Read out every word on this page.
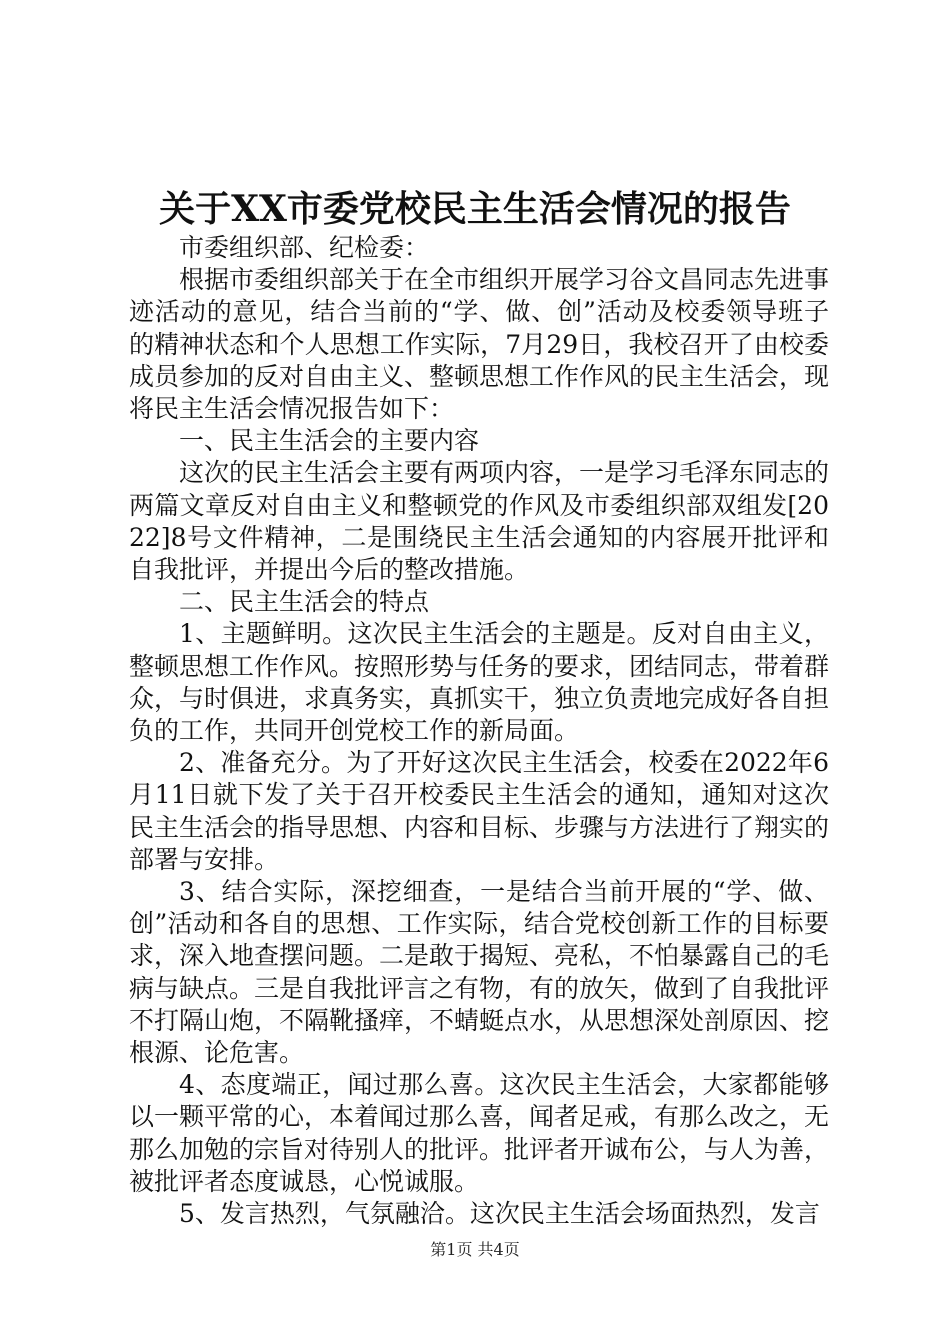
关于XX市委党校民主生活会情况的报告

市委组织部、纪检委：

根据市委组织部关于在全市组织开展学习谷文昌同志先进事迹活动的意见，结合当前的“学、做、创”活动及校委领导班子的精神状态和个人思想工作实际，7月29日，我校召开了由校委成员参加的反对自由主义、整顿思想工作作风的民主生活会，现将民主生活会情况报告如下：

一、民主生活会的主要内容

这次的民主生活会主要有两项内容，一是学习毛泽东同志的两篇文章反对自由主义和整顿党的作风及市委组织部双组发[2022]8号文件精神，二是围绕民主生活会通知的内容展开批评和自我批评，并提出今后的整改措施。

二、民主生活会的特点

1、主题鲜明。这次民主生活会的主题是。反对自由主义，整顿思想工作作风。按照形势与任务的要求，团结同志，带着群众，与时俱进，求真务实，真抓实干，独立负责地完成好各自担负的工作，共同开创党校工作的新局面。

2、准备充分。为了开好这次民主生活会，校委在2022年6月11日就下发了关于召开校委民主生活会的通知，通知对这次民主生活会的指导思想、内容和目标、步骤与方法进行了翔实的部署与安排。

3、结合实际，深挖细查，一是结合当前开展的“学、做、创”活动和各自的思想、工作实际，结合党校创新工作的目标要求，深入地查摆问题。二是敢于揭短、亮私，不怕暴露自己的毛病与缺点。三是自我批评言之有物，有的放矢，做到了自我批评不打隔山炮，不隔靴搔痒，不蜻蜓点水，从思想深处剖原因、挖根源、论危害。

4、态度端正，闻过那么喜。这次民主生活会，大家都能够以一颗平常的心，本着闻过那么喜，闻者足戒，有那么改之，无那么加勉的宗旨对待别人的批评。批评者开诚布公，与人为善，被批评者态度诚恳，心悦诚服。

5、发言热烈，气氛融洽。这次民主生活会场面热烈，发言

第1页 共4页
